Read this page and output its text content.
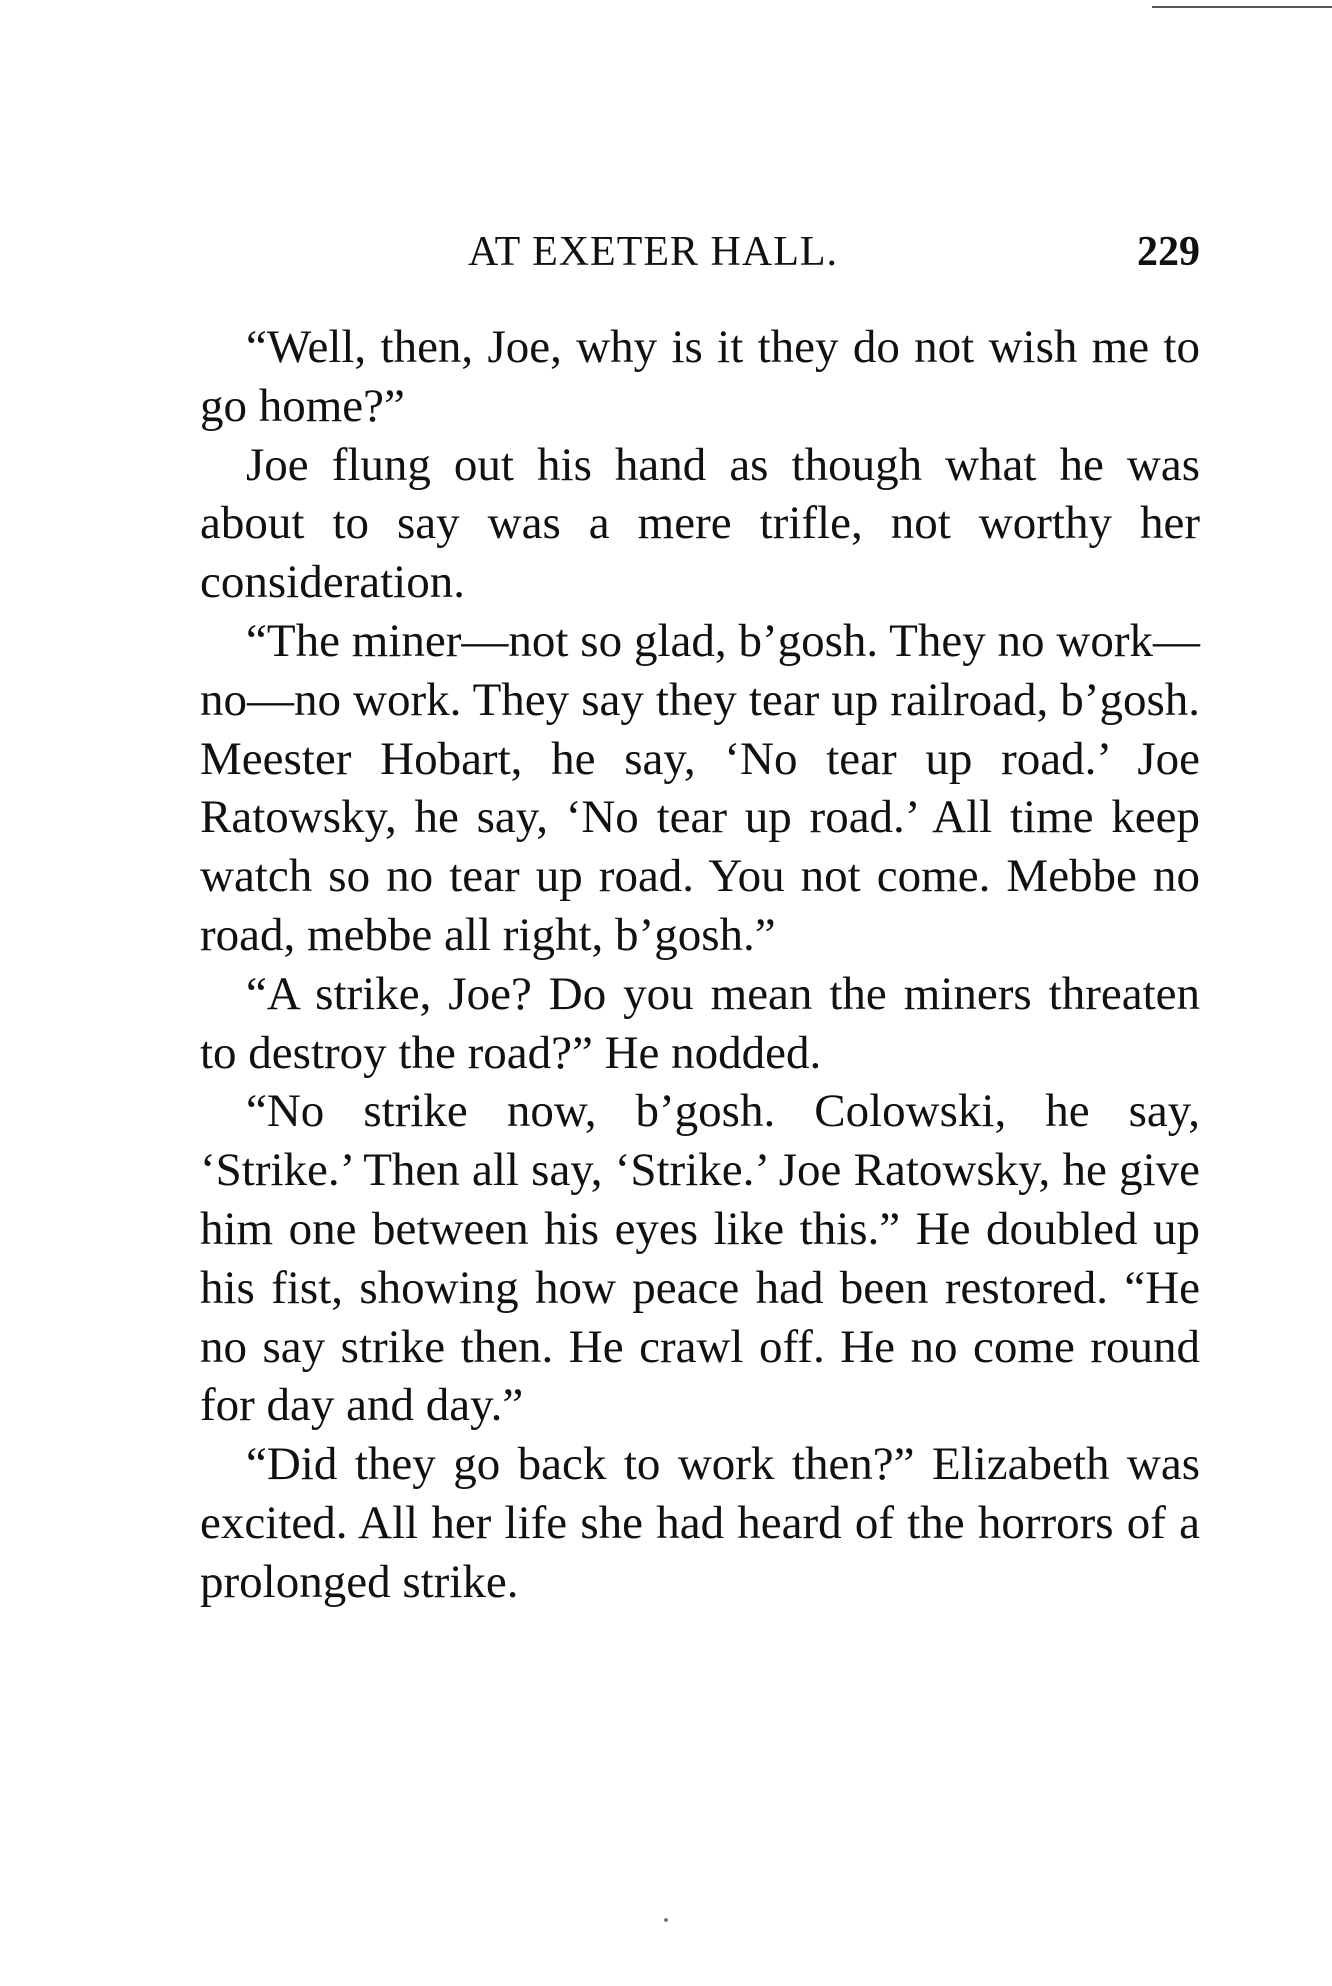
AT EXETER HALL.	229

“Well, then, Joe, why is it they do not wish me to go home?”

Joe flung out his hand as though what he was about to say was a mere trifle, not worthy her consideration.

“The miner—not so glad, b’gosh. They no work—no—no work. They say they tear up railroad, b’gosh. Meester Hobart, he say, ‘No tear up road.’ Joe Ratowsky, he say, ‘No tear up road.’ All time keep watch so no tear up road. You not come. Mebbe no road, mebbe all right, b’gosh.”

“A strike, Joe? Do you mean the miners threaten to destroy the road?” He nodded.

“No strike now, b’gosh. Colowski, he say, ‘Strike.’ Then all say, ‘Strike.’ Joe Ratowsky, he give him one between his eyes like this.” He doubled up his fist, showing how peace had been restored. “He no say strike then. He crawl off. He no come round for day and day.”

“Did they go back to work then?” Elizabeth was excited. All her life she had heard of the horrors of a prolonged strike.
